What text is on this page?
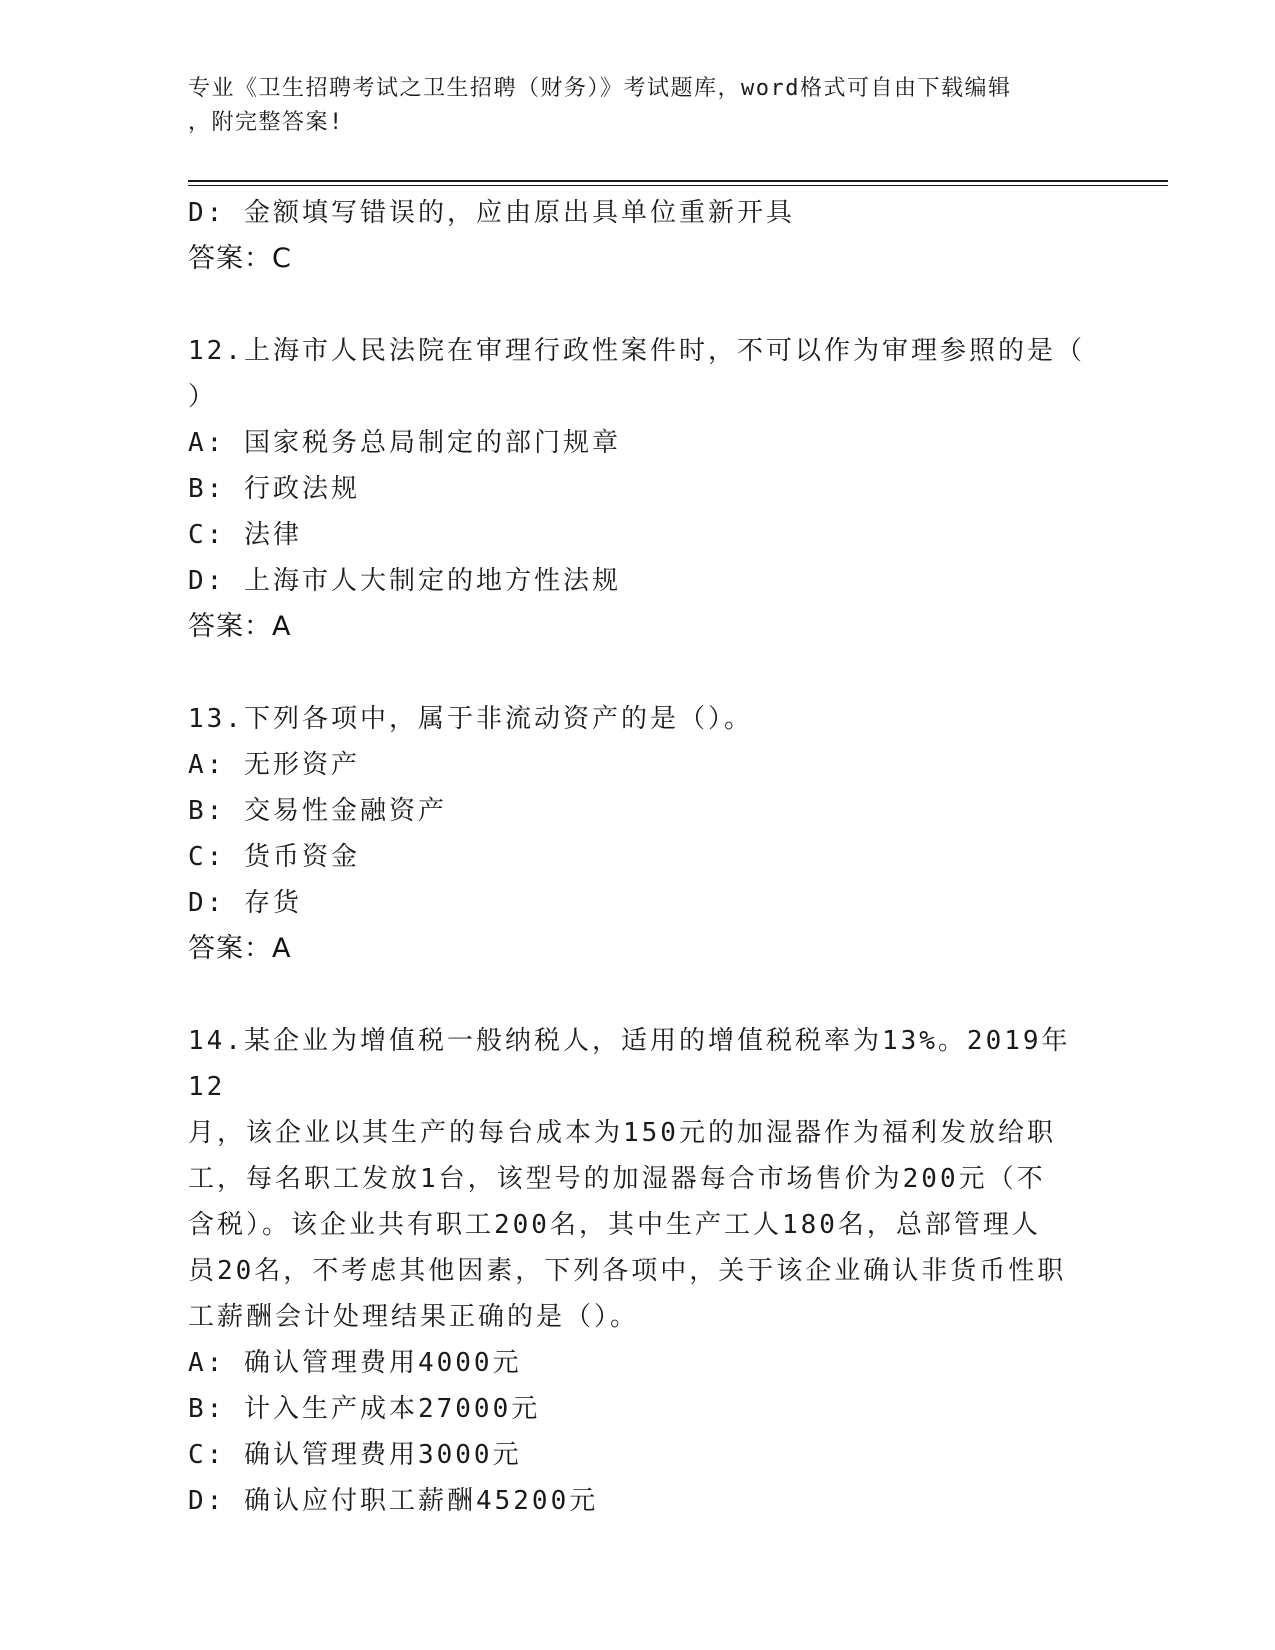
专业《卫生招聘考试之卫生招聘（财务）》考试题库，word格式可自由下载编辑
，附完整答案!
D: 金额填写错误的，应由原出具单位重新开具
答案：C
12.上海市人民法院在审理行政性案件时，不可以作为审理参照的是（
）
A: 国家税务总局制定的部门规章
B: 行政法规
C: 法律
D: 上海市人大制定的地方性法规
答案：A
13.下列各项中，属于非流动资产的是（）。
A: 无形资产
B: 交易性金融资产
C: 货币资金
D: 存货
答案：A
14.某企业为增值税一般纳税人，适用的增值税税率为13%。2019年12
月，该企业以其生产的每台成本为150元的加湿器作为福利发放给职
工，每名职工发放1台，该型号的加湿器每合市场售价为200元（不
含税）。该企业共有职工200名，其中生产工人180名，总部管理人
员20名，不考虑其他因素，下列各项中，关于该企业确认非货币性职
工薪酬会计处理结果正确的是（）。
A: 确认管理费用4000元
B: 计入生产成本27000元
C: 确认管理费用3000元
D: 确认应付职工薪酬45200元
